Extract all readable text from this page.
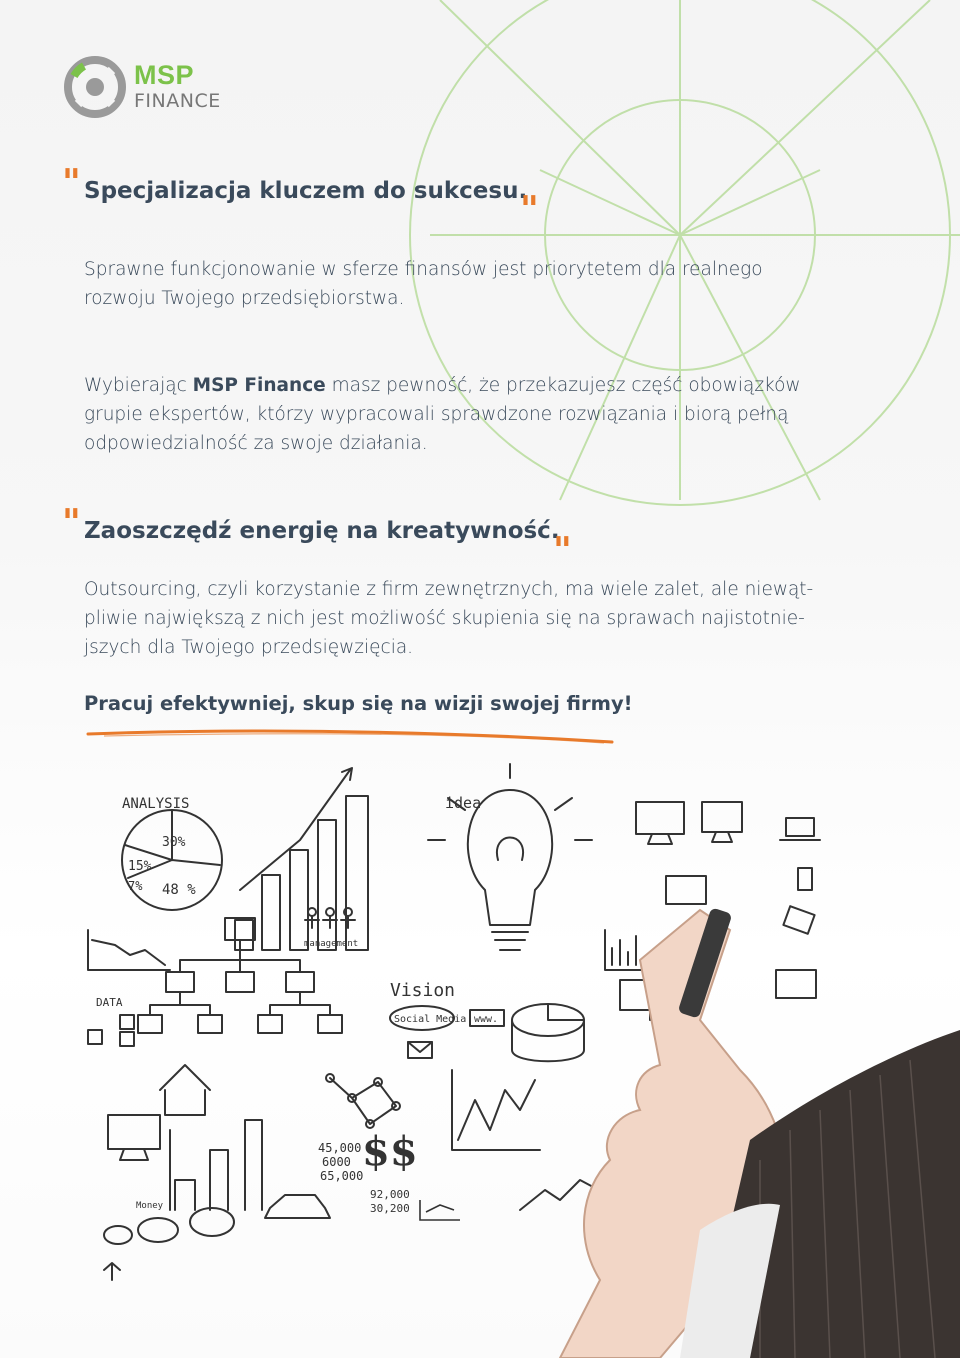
MSP
FINANCE
" Specjalizacja kluczem do sukcesu.
"
Sprawne funkcjonowanie w sferze finansów jest priorytetem dla realnego
rozwoju Twojego przedsiębiorstwa.
Wybierając MSP Finance masz pewność, że przekazujesz część obowiązków
grupie ekspertów, którzy wypracowali sprawdzone rozwiązania i biorą pełną
odpowiedzialność za swoje działania.
" Zaoszczędź energię na kreatywność.
"
Outsourcing, czyli korzystanie z firm zewnętrznych, ma wiele zalet, ale niewąt-
pliwie największą z nich jest możliwość skupienia się na sprawach najistotnie-
jszych dla Twojego przedsięwzięcia.
Pracuj efektywniej, skup się na wizji swojej firmy!
ANALYSIS
30%
15%
7% 48 %
idea
management
Vision
Social Media www.
DATA
Money
45,000
6000
65,000
92,000
30,200
$$
